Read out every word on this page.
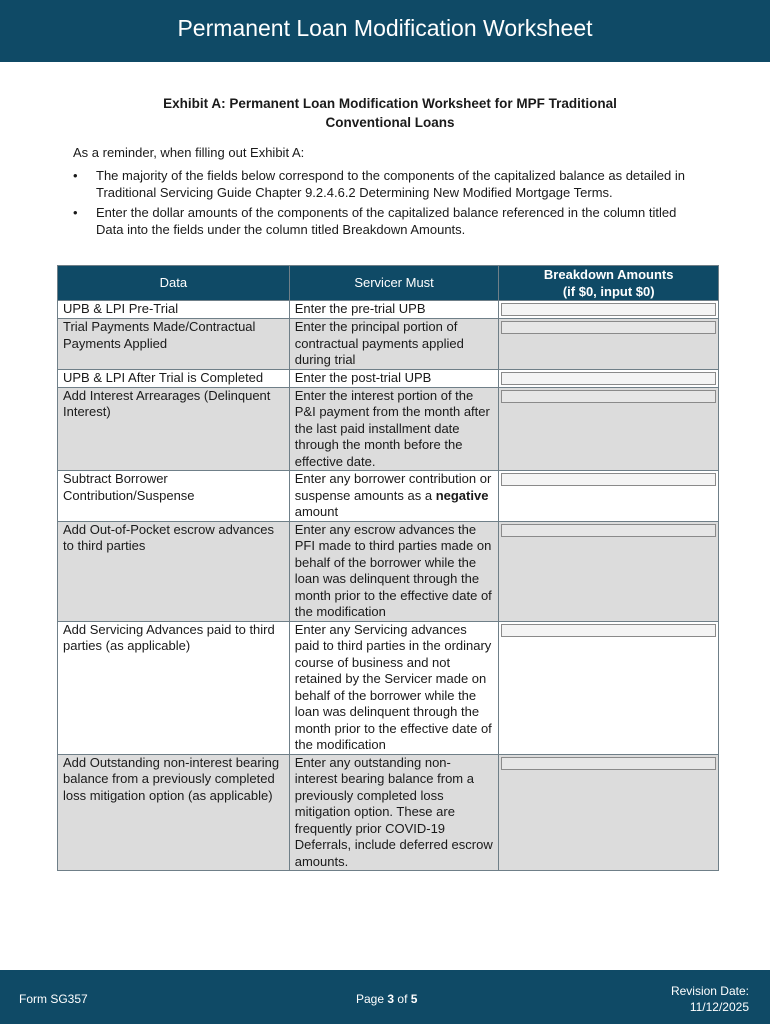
Permanent Loan Modification Worksheet
Exhibit A: Permanent Loan Modification Worksheet for MPF Traditional
Conventional Loans
As a reminder, when filling out Exhibit A:
• The majority of the fields below correspond to the components of the capitalized balance as detailed in Traditional Servicing Guide Chapter 9.2.4.6.2 Determining New Modified Mortgage Terms.
• Enter the dollar amounts of the components of the capitalized balance referenced in the column titled Data into the fields under the column titled Breakdown Amounts.
Data	Servicer Must	Breakdown Amounts
(if $0, input $0)

UPB & LPI Pre-Trial	Enter the pre-trial UPB	

Trial Payments Made/Contractual Payments Applied	Enter the principal portion of contractual payments applied during trial	

UPB & LPI After Trial is Completed	Enter the post-trial UPB	

Add Interest Arrearages (Delinquent Interest)	Enter the interest portion of the P&I payment from the month after the last paid installment date through the month before the effective date.	

Subtract Borrower Contribution/Suspense	Enter any borrower contribution or suspense amounts as a negative amount	

Add Out-of-Pocket escrow advances to third parties	Enter any escrow advances the PFI made to third parties made on behalf of the borrower while the loan was delinquent through the month prior to the effective date of the modification	

Add Servicing Advances paid to third parties (as applicable)	Enter any Servicing advances paid to third parties in the ordinary course of business and not retained by the Servicer made on behalf of the borrower while the loan was delinquent through the month prior to the effective date of the modification	

Add Outstanding non-interest bearing balance from a previously completed loss mitigation option (as applicable)	Enter any outstanding non-interest bearing balance from a previously completed loss mitigation option. These are frequently prior COVID-19 Deferrals, include deferred escrow amounts.	
Form SG357	Page 3 of 5
Revision Date:
11/12/2025
